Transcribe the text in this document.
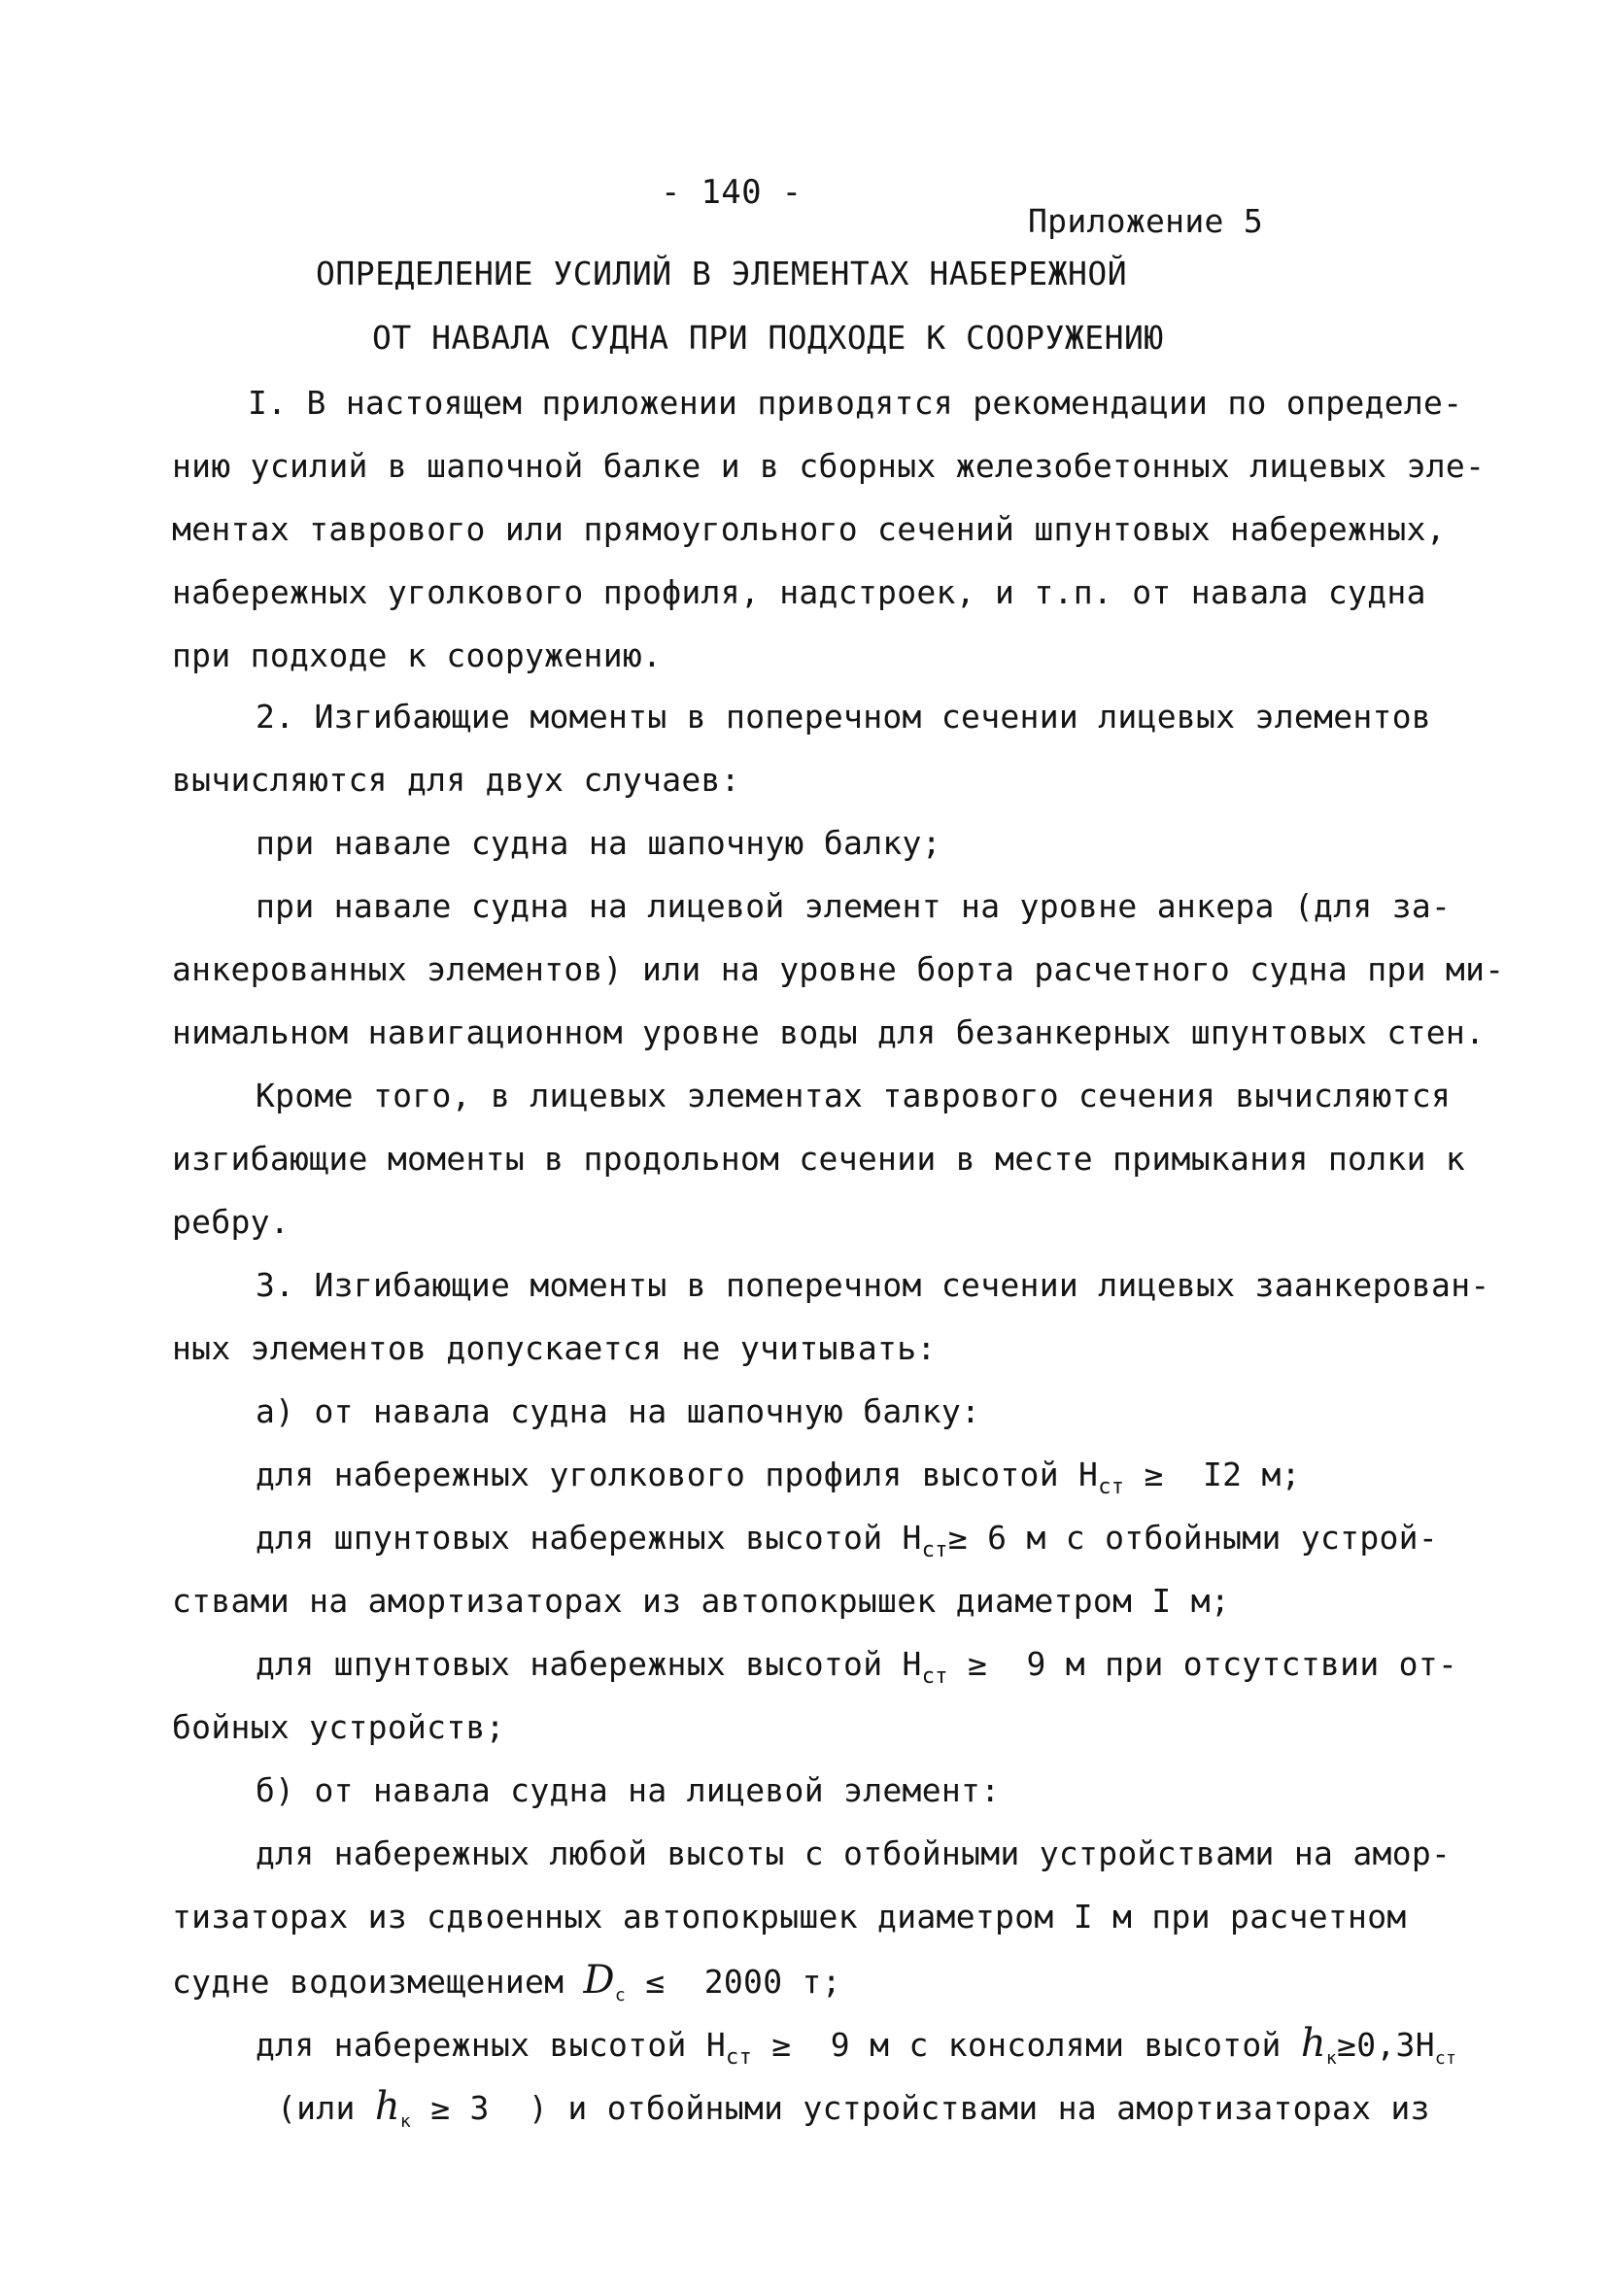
- 140 -
Приложение 5
ОПРЕДЕЛЕНИЕ УСИЛИЙ В ЭЛЕМЕНТАХ НАБЕРЕЖНОЙ
ОТ НАВАЛА СУДНА ПРИ ПОДХОДЕ К СООРУЖЕНИЮ
I. В настоящем приложении приводятся рекомендации по определе-
нию усилий в шапочной балке и в сборных железобетонных лицевых эле-
ментах таврового или прямоугольного сечений шпунтовых набережных,
набережных уголкового профиля, надстроек, и т.п. от навала судна
при подходе к сооружению.
2. Изгибающие моменты в поперечном сечении лицевых элементов
вычисляются для двух случаев:
при навале судна на шапочную балку;
при навале судна на лицевой элемент на уровне анкера (для за-
анкерованных элементов) или на уровне борта расчетного судна при ми-
нимальном навигационном уровне воды для безанкерных шпунтовых стен.
Кроме того, в лицевых элементах таврового сечения вычисляются
изгибающие моменты в продольном сечении в месте примыкания полки к
ребру.
3. Изгибающие моменты в поперечном сечении лицевых заанкерован-
ных элементов допускается не учитывать:
а) от навала судна на шапочную балку:
для набережных уголкового профиля высотой $Н_{ст} \ge I2$ м;
для шпунтовых набережных высотой $Н_{ст}\ge 6$ м с отбойными устрой-
ствами на амортизаторах из автопокрышек диаметром I м;
для шпунтовых набережных высотой $Н_{ст} \ge 9$ м при отсутствии от-
бойных устройств;
б) от навала судна на лицевой элемент:
для набережных любой высоты с отбойными устройствами на амор-
тизаторах из сдвоенных автопокрышек диаметром I м при расчетном
судне водоизмещением $D_c \le 2000$ т;
для набережных высотой $Н_{ст} \ge 9$ м с консолями высотой $h_к\ge 0,3Н_{ст}$
(или $h_к \ge 3$  ) и отбойными устройствами на амортизаторах из
